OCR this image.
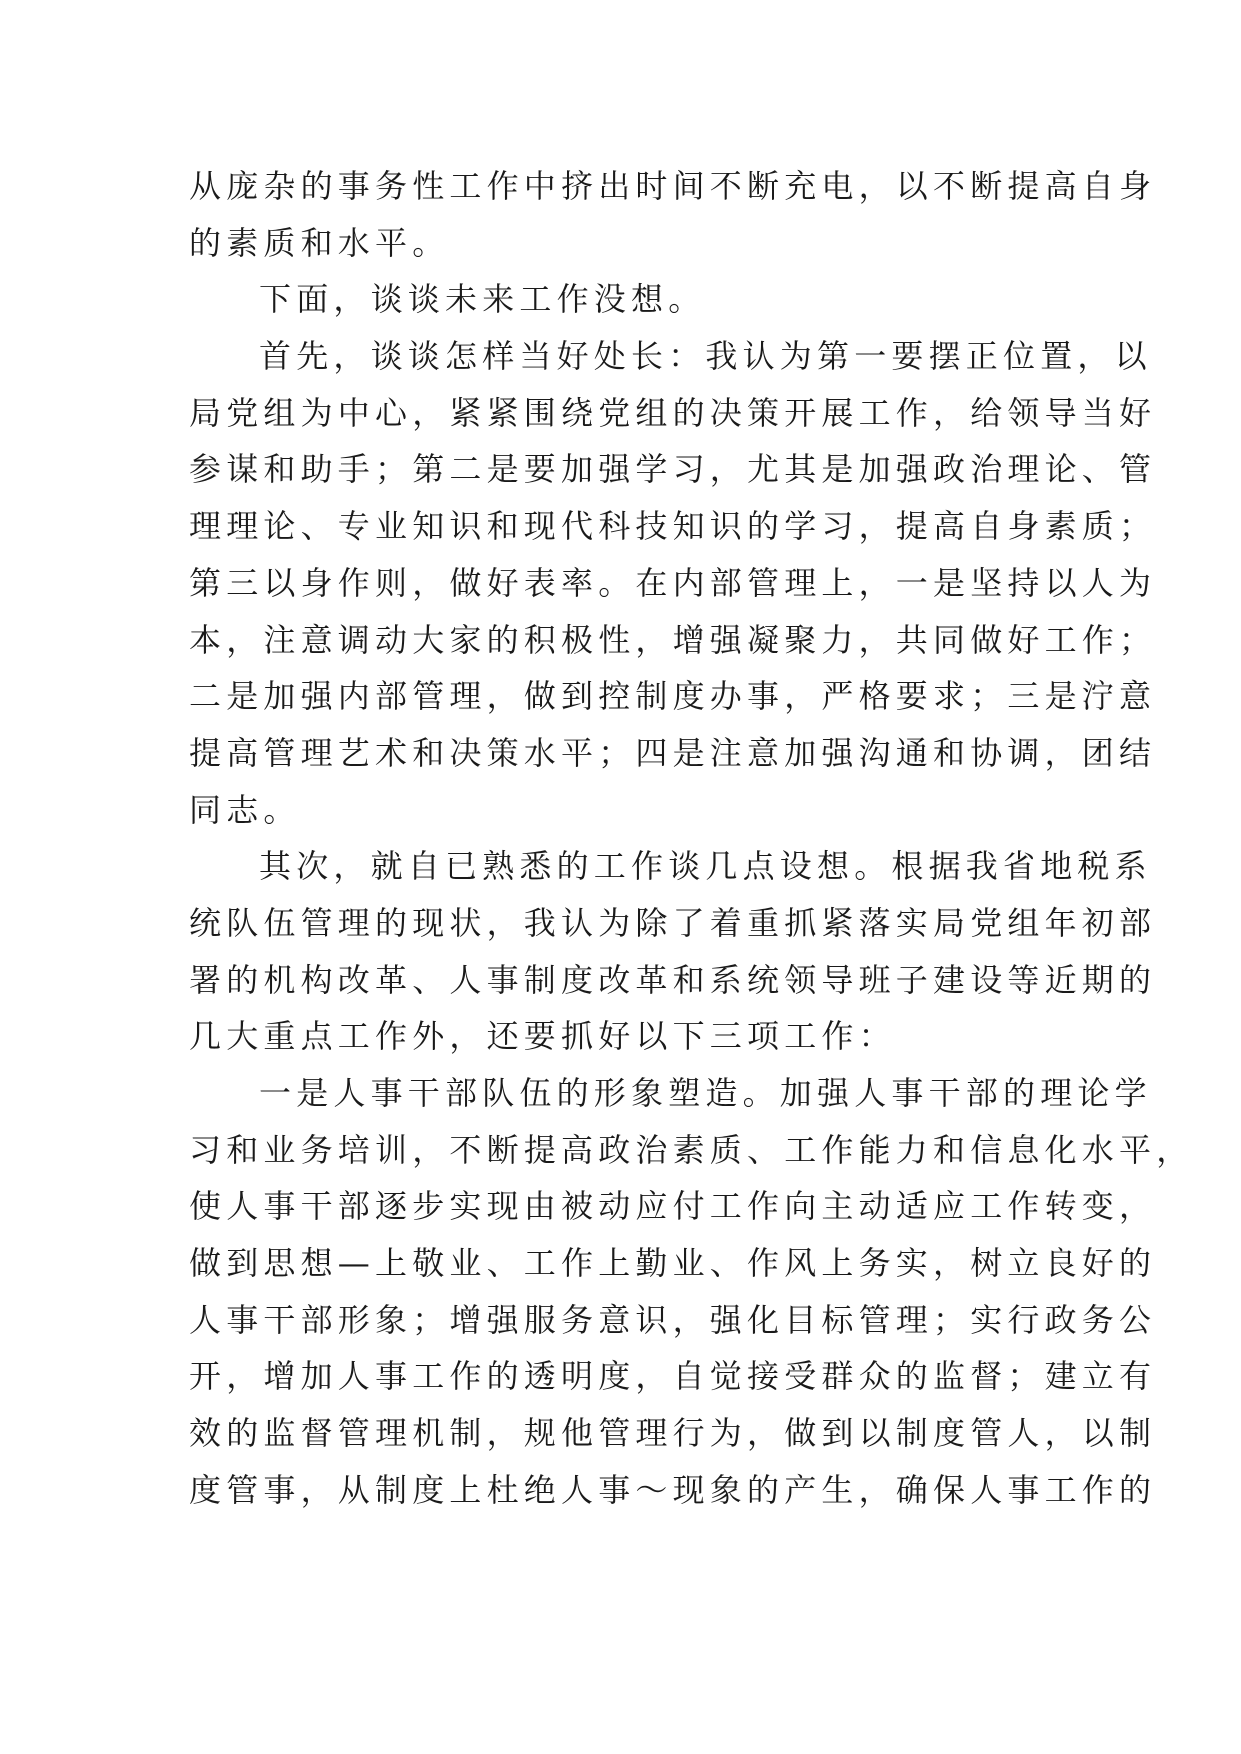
从庞杂的事务性工作中挤出时间不断充电，以不断提高自身
的素质和水平。
下面，谈谈未来工作没想。
首先，谈谈怎样当好处长：我认为第一要摆正位置，以
局党组为中心，紧紧围绕党组的决策开展工作，给领导当好
参谋和助手；第二是要加强学习，尤其是加强政治理论、管
理理论、专业知识和现代科技知识的学习，提高自身素质；
第三以身作则，做好表率。在内部管理上，一是坚持以人为
本，注意调动大家的积极性，增强凝聚力，共同做好工作；
二是加强内部管理，做到控制度办事，严格要求；三是泞意
提高管理艺术和决策水平；四是注意加强沟通和协调，团结
同志。
其次，就自已熟悉的工作谈几点设想。根据我省地税系
统队伍管理的现状，我认为除了着重抓紧落实局党组年初部
署的机构改革、人事制度改革和系统领导班子建设等近期的
几大重点工作外，还要抓好以下三项工作：
一是人事干部队伍的形象塑造。加强人事干部的理论学
习和业务培训，不断提高政治素质、工作能力和信息化水平，
使人事干部逐步实现由被动应付工作向主动适应工作转变，
做到思想—上敬业、工作上勤业、作风上务实，树立良好的
人事干部形象；增强服务意识，强化目标管理；实行政务公
开，增加人事工作的透明度，自觉接受群众的监督；建立有
效的监督管理机制，规他管理行为，做到以制度管人，以制
度管事，从制度上杜绝人事～现象的产生，确保人事工作的
